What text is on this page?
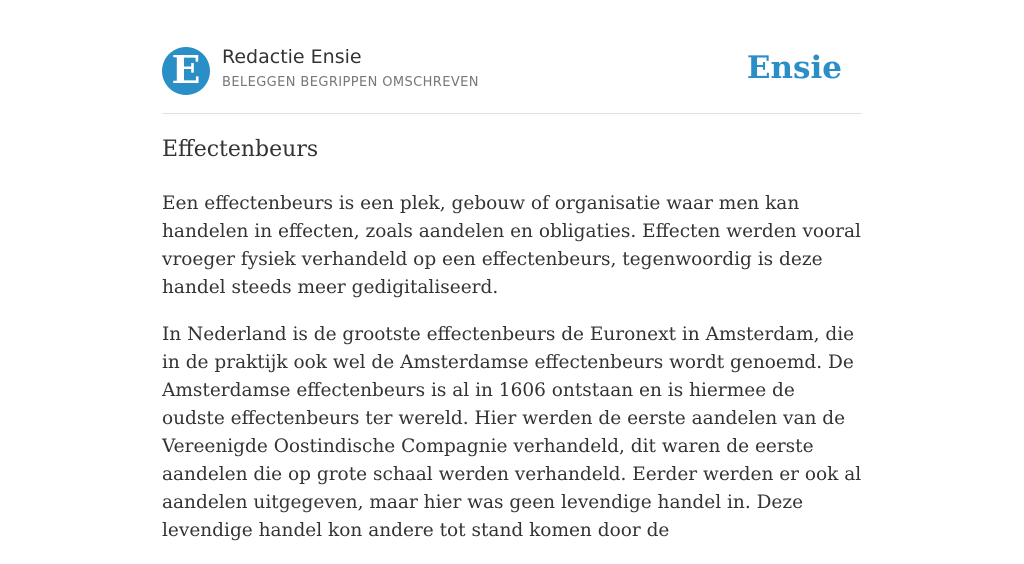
E Redactie Ensie
BELEGGEN BEGRIPPEN OMSCHREVEN	Ensie
Effectenbeurs

Een effectenbeurs is een plek, gebouw of organisatie waar men kan handelen in effecten, zoals aandelen en obligaties. Effecten werden vooral vroeger fysiek verhandeld op een effectenbeurs, tegenwoordig is deze handel steeds meer gedigitaliseerd.

In Nederland is de grootste effectenbeurs de Euronext in Amsterdam, die in de praktijk ook wel de Amsterdamse effectenbeurs wordt genoemd. De Amsterdamse effectenbeurs is al in 1606 ontstaan en is hiermee de oudste effectenbeurs ter wereld. Hier werden de eerste aandelen van de Vereenigde Oostindische Compagnie verhandeld, dit waren de eerste aandelen die op grote schaal werden verhandeld. Eerder werden er ook al aandelen uitgegeven, maar hier was geen levendige handel in. Deze levendige handel kon andere tot stand komen door de
